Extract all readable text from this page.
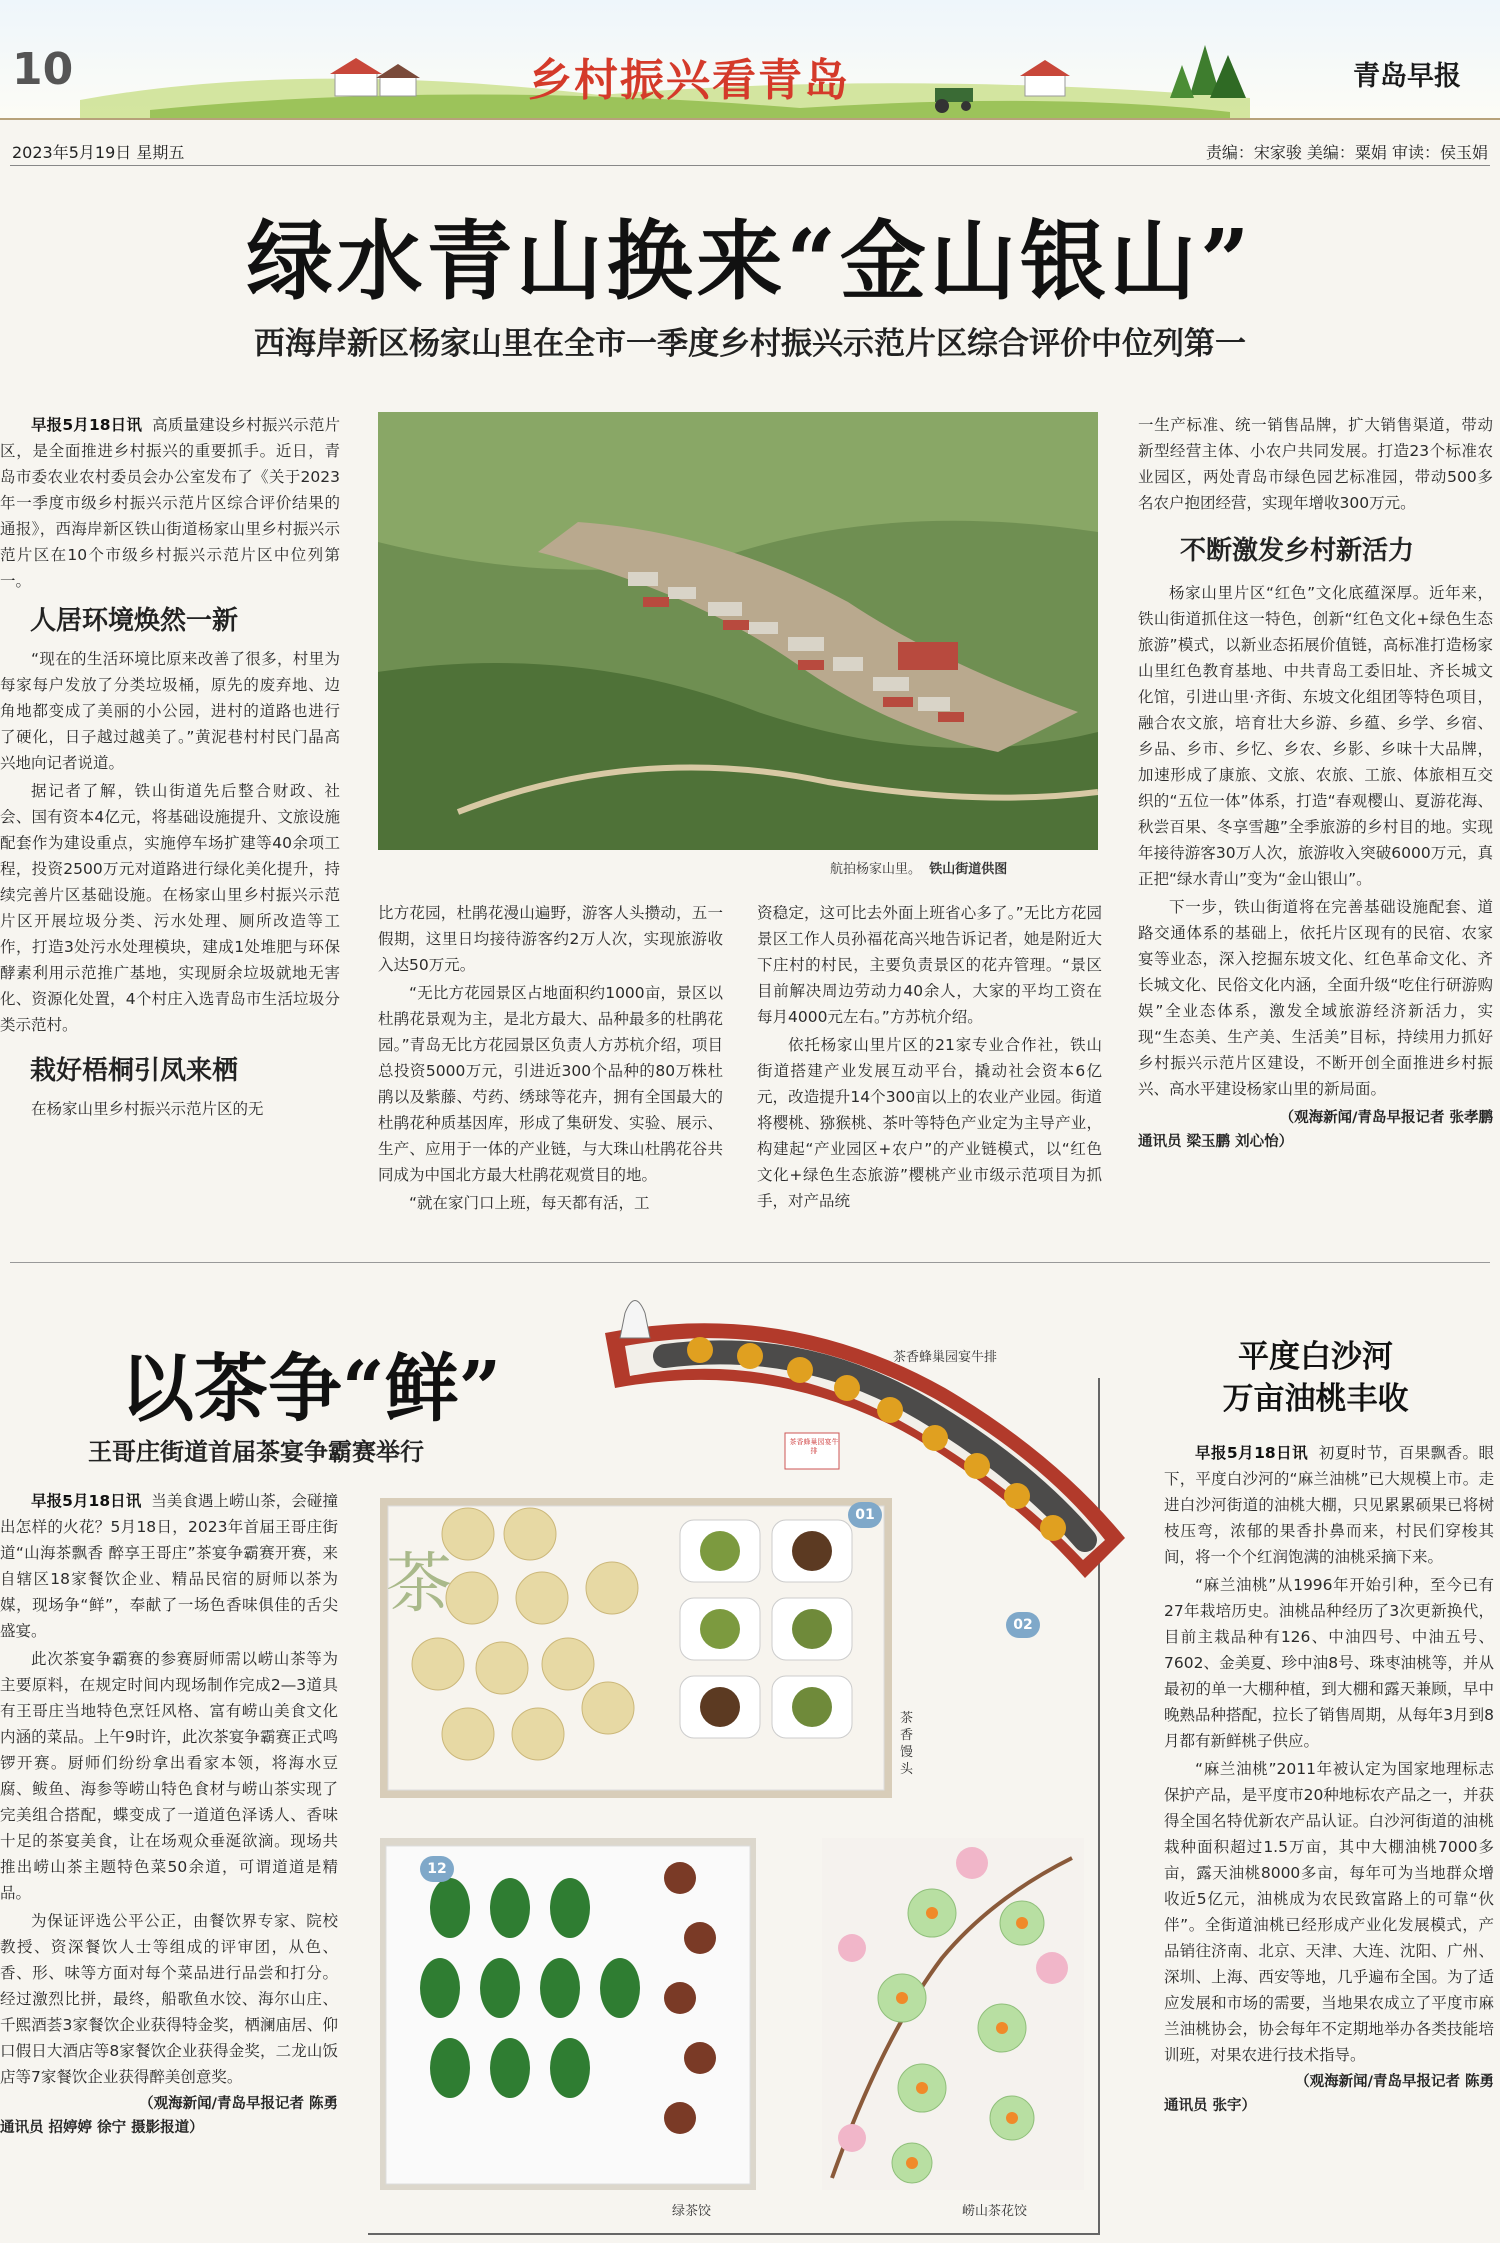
10	乡村振兴看青岛	青岛早报
2023年5月19日 星期五	责编：宋家骏 美编：粟娟 审读：侯玉娟
绿水青山换来“金山银山”
西海岸新区杨家山里在全市一季度乡村振兴示范片区综合评价中位列第一

早报5月18日讯 高质量建设乡村振兴示范片区，是全面推进乡村振兴的重要抓手。近日，青岛市委农业农村委员会办公室发布了《关于2023年一季度市级乡村振兴示范片区综合评价结果的通报》，西海岸新区铁山街道杨家山里乡村振兴示范片区在10个市级乡村振兴示范片区中位列第一。

人居环境焕然一新

“现在的生活环境比原来改善了很多，村里为每家每户发放了分类垃圾桶，原先的废弃地、边角地都变成了美丽的小公园，进村的道路也进行了硬化，日子越过越美了。”黄泥巷村村民门晶高兴地向记者说道。

据记者了解，铁山街道先后整合财政、社会、国有资本4亿元，将基础设施提升、文旅设施配套作为建设重点，实施停车场扩建等40余项工程，投资2500万元对道路进行绿化美化提升，持续完善片区基础设施。在杨家山里乡村振兴示范片区开展垃圾分类、污水处理、厕所改造等工作，打造3处污水处理模块，建成1处堆肥与环保酵素利用示范推广基地，实现厨余垃圾就地无害化、资源化处置，4个村庄入选青岛市生活垃圾分类示范村。

栽好梧桐引凤来栖

在杨家山里乡村振兴示范片区的无

航拍杨家山里。 铁山街道供图

比方花园，杜鹃花漫山遍野，游客人头攒动，五一假期，这里日均接待游客约2万人次，实现旅游收入达50万元。

“无比方花园景区占地面积约1000亩，景区以杜鹃花景观为主，是北方最大、品种最多的杜鹃花园。”青岛无比方花园景区负责人方苏杭介绍，项目总投资5000万元，引进近300个品种的80万株杜鹃以及紫藤、芍药、绣球等花卉，拥有全国最大的杜鹃花种质基因库，形成了集研发、实验、展示、生产、应用于一体的产业链，与大珠山杜鹃花谷共同成为中国北方最大杜鹃花观赏目的地。

“就在家门口上班，每天都有活，工

资稳定，这可比去外面上班省心多了。”无比方花园景区工作人员孙福花高兴地告诉记者，她是附近大下庄村的村民，主要负责景区的花卉管理。“景区目前解决周边劳动力40余人，大家的平均工资在每月4000元左右。”方苏杭介绍。

依托杨家山里片区的21家专业合作社，铁山街道搭建产业发展互动平台，撬动社会资本6亿元，改造提升14个300亩以上的农业产业园。街道将樱桃、猕猴桃、茶叶等特色产业定为主导产业，构建起“产业园区+农户”的产业链模式，以“红色文化+绿色生态旅游”樱桃产业市级示范项目为抓手，对产品统

一生产标准、统一销售品牌，扩大销售渠道，带动新型经营主体、小农户共同发展。打造23个标准农业园区，两处青岛市绿色园艺标准园，带动500多名农户抱团经营，实现年增收300万元。

不断激发乡村新活力

杨家山里片区“红色”文化底蕴深厚。近年来，铁山街道抓住这一特色，创新“红色文化+绿色生态旅游”模式，以新业态拓展价值链，高标准打造杨家山里红色教育基地、中共青岛工委旧址、齐长城文化馆，引进山里·齐街、东坡文化组团等特色项目，融合农文旅，培育壮大乡游、乡蕴、乡学、乡宿、乡品、乡市、乡忆、乡农、乡影、乡味十大品牌，加速形成了康旅、文旅、农旅、工旅、体旅相互交织的“五位一体”体系，打造“春观樱山、夏游花海、秋尝百果、冬享雪趣”全季旅游的乡村目的地。实现年接待游客30万人次，旅游收入突破6000万元，真正把“绿水青山”变为“金山银山”。

下一步，铁山街道将在完善基础设施配套、道路交通体系的基础上，依托片区现有的民宿、农家宴等业态，深入挖掘东坡文化、红色革命文化、齐长城文化、民俗文化内涵，全面升级“吃住行研游购娱”全业态体系，激发全域旅游经济新活力，实现“生态美、生产美、生活美”目标，持续用力抓好乡村振兴示范片区建设，不断开创全面推进乡村振兴、高水平建设杨家山里的新局面。

（观海新闻/青岛早报记者 张孝鹏
通讯员 梁玉鹏 刘心怡）
以茶争“鲜”
王哥庄街道首届茶宴争霸赛举行

早报5月18日讯 当美食遇上崂山茶，会碰撞出怎样的火花？5月18日，2023年首届王哥庄街道“山海茶飘香 醉享王哥庄”茶宴争霸赛开赛，来自辖区18家餐饮企业、精品民宿的厨师以茶为媒，现场争“鲜”，奉献了一场色香味俱佳的舌尖盛宴。

此次茶宴争霸赛的参赛厨师需以崂山茶等为主要原料，在规定时间内现场制作完成2—3道具有王哥庄当地特色烹饪风格、富有崂山美食文化内涵的菜品。上午9时许，此次茶宴争霸赛正式鸣锣开赛。厨师们纷纷拿出看家本领，将海水豆腐、鲅鱼、海参等崂山特色食材与崂山茶实现了完美组合搭配，蝶变成了一道道色泽诱人、香味十足的茶宴美食，让在场观众垂涎欲滴。现场共推出崂山茶主题特色菜50余道，可谓道道是精品。

为保证评选公平公正，由餐饮界专家、院校教授、资深餐饮人士等组成的评审团，从色、香、形、味等方面对每个菜品进行品尝和打分。经过激烈比拼，最终，船歌鱼水饺、海尔山庄、千熙酒荟3家餐饮企业获得特金奖，栖澜庙居、仰口假日大酒店等8家餐饮企业获得金奖，二龙山饭店等7家餐饮企业获得醉美创意奖。

（观海新闻/青岛早报记者 陈勇
通讯员 招婷婷 徐宁 摄影报道）
茶香蜂巢园宴牛排
茶香蜂巢园宴牛排
02
茶
01
茶香馒头
12
绿茶饺	崂山茶花饺
平度白沙河
万亩油桃丰收

早报5月18日讯 初夏时节，百果飘香。眼下，平度白沙河的“麻兰油桃”已大规模上市。走进白沙河街道的油桃大棚，只见累累硕果已将树枝压弯，浓郁的果香扑鼻而来，村民们穿梭其间，将一个个红润饱满的油桃采摘下来。

“麻兰油桃”从1996年开始引种，至今已有27年栽培历史。油桃品种经历了3次更新换代，目前主栽品种有126、中油四号、中油五号、7602、金美夏、珍中油8号、珠枣油桃等，并从最初的单一大棚种植，到大棚和露天兼顾，早中晚熟品种搭配，拉长了销售周期，从每年3月到8月都有新鲜桃子供应。

“麻兰油桃”2011年被认定为国家地理标志保护产品，是平度市20种地标农产品之一，并获得全国名特优新农产品认证。白沙河街道的油桃栽种面积超过1.5万亩，其中大棚油桃7000多亩，露天油桃8000多亩，每年可为当地群众增收近5亿元，油桃成为农民致富路上的可靠“伙伴”。全街道油桃已经形成产业化发展模式，产品销往济南、北京、天津、大连、沈阳、广州、深圳、上海、西安等地，几乎遍布全国。为了适应发展和市场的需要，当地果农成立了平度市麻兰油桃协会，协会每年不定期地举办各类技能培训班，对果农进行技术指导。

（观海新闻/青岛早报记者 陈勇
通讯员 张宇）
